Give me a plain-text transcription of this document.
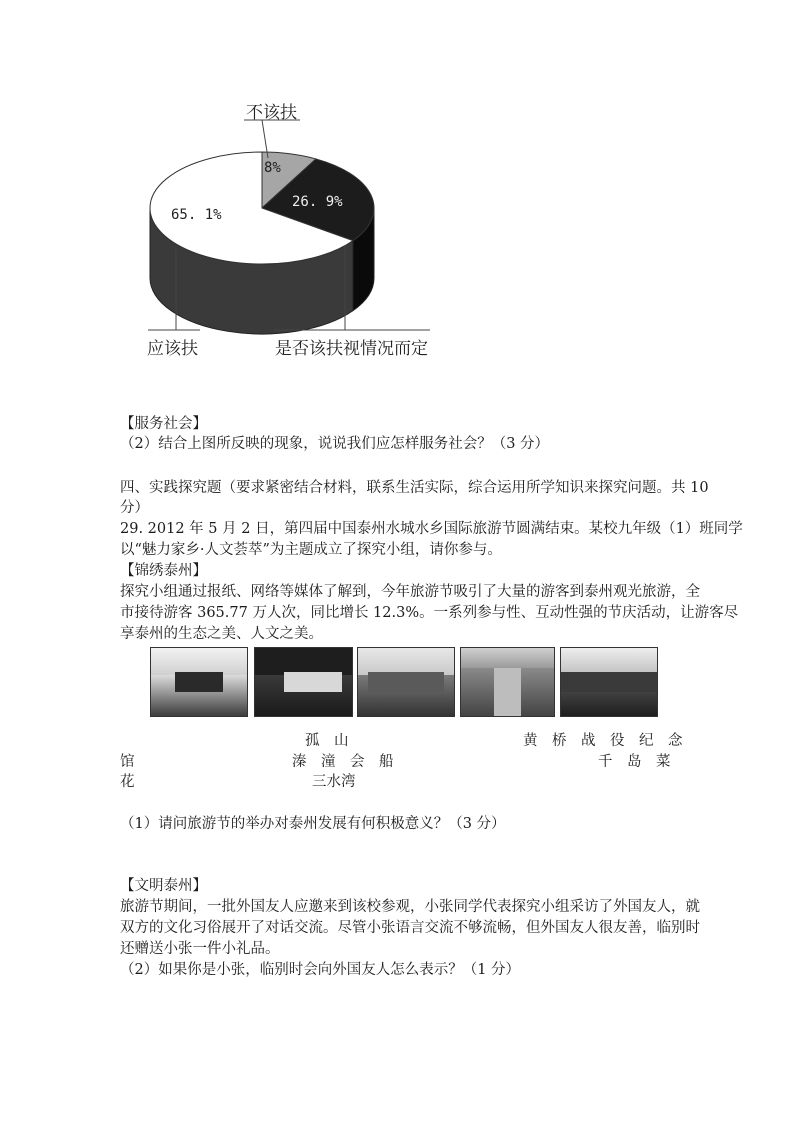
不该扶
应该扶	是否该扶视情况而定
65. 1%
8%
26. 9%
【服务社会】
（2）结合上图所反映的现象，说说我们应怎样服务社会？（3 分）
四、实践探究题（要求紧密结合材料，联系生活实际，综合运用所学知识来探究问题。共 10
分）
29. 2012 年 5 月 2 日，第四届中国泰州水城水乡国际旅游节圆满结束。某校九年级（1）班同学
以“魅力家乡·人文荟萃”为主题成立了探究小组，请你参与。
【锦绣泰州】
探究小组通过报纸、网络等媒体了解到，今年旅游节吸引了大量的游客到泰州观光旅游，全
市接待游客 365.77 万人次，同比增长 12.3%。一系列参与性、互动性强的节庆活动，让游客尽
享泰州的生态之美、人文之美。
孤　山	黄　桥　战　役　纪　念
馆	溱　潼　会　船	千　岛　菜
花	三水湾
（1）请问旅游节的举办对泰州发展有何积极意义？（3 分）
【文明泰州】
旅游节期间，一批外国友人应邀来到该校参观，小张同学代表探究小组采访了外国友人，就
双方的文化习俗展开了对话交流。尽管小张语言交流不够流畅，但外国友人很友善，临别时
还赠送小张一件小礼品。
（2）如果你是小张，临别时会向外国友人怎么表示？（1 分）
